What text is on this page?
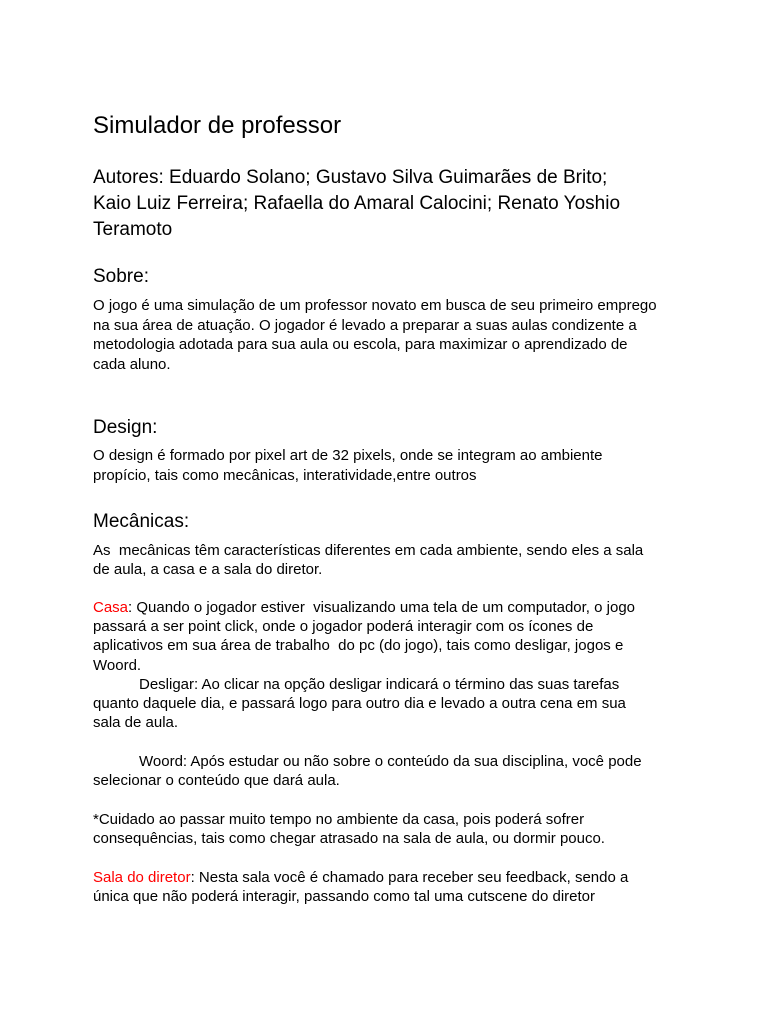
Simulador de professor
Autores: Eduardo Solano; Gustavo Silva Guimarães de Brito;
Kaio Luiz Ferreira; Rafaella do Amaral Calocini; Renato Yoshio
Teramoto
Sobre:
O jogo é uma simulação de um professor novato em busca de seu primeiro emprego
na sua área de atuação. O jogador é levado a preparar a suas aulas condizente a
metodologia adotada para sua aula ou escola, para maximizar o aprendizado de
cada aluno.
Design:
O design é formado por pixel art de 32 pixels, onde se integram ao ambiente
propício, tais como mecânicas, interatividade,entre outros
Mecânicas:
As  mecânicas têm características diferentes em cada ambiente, sendo eles a sala
de aula, a casa e a sala do diretor.
Casa: Quando o jogador estiver  visualizando uma tela de um computador, o jogo
passará a ser point click, onde o jogador poderá interagir com os ícones de
aplicativos em sua área de trabalho  do pc (do jogo), tais como desligar, jogos e
Woord.
Desligar: Ao clicar na opção desligar indicará o término das suas tarefas
quanto daquele dia, e passará logo para outro dia e levado a outra cena em sua
sala de aula.
Woord: Após estudar ou não sobre o conteúdo da sua disciplina, você pode
selecionar o conteúdo que dará aula.
*Cuidado ao passar muito tempo no ambiente da casa, pois poderá sofrer
consequências, tais como chegar atrasado na sala de aula, ou dormir pouco.
Sala do diretor: Nesta sala você é chamado para receber seu feedback, sendo a
única que não poderá interagir, passando como tal uma cutscene do diretor
